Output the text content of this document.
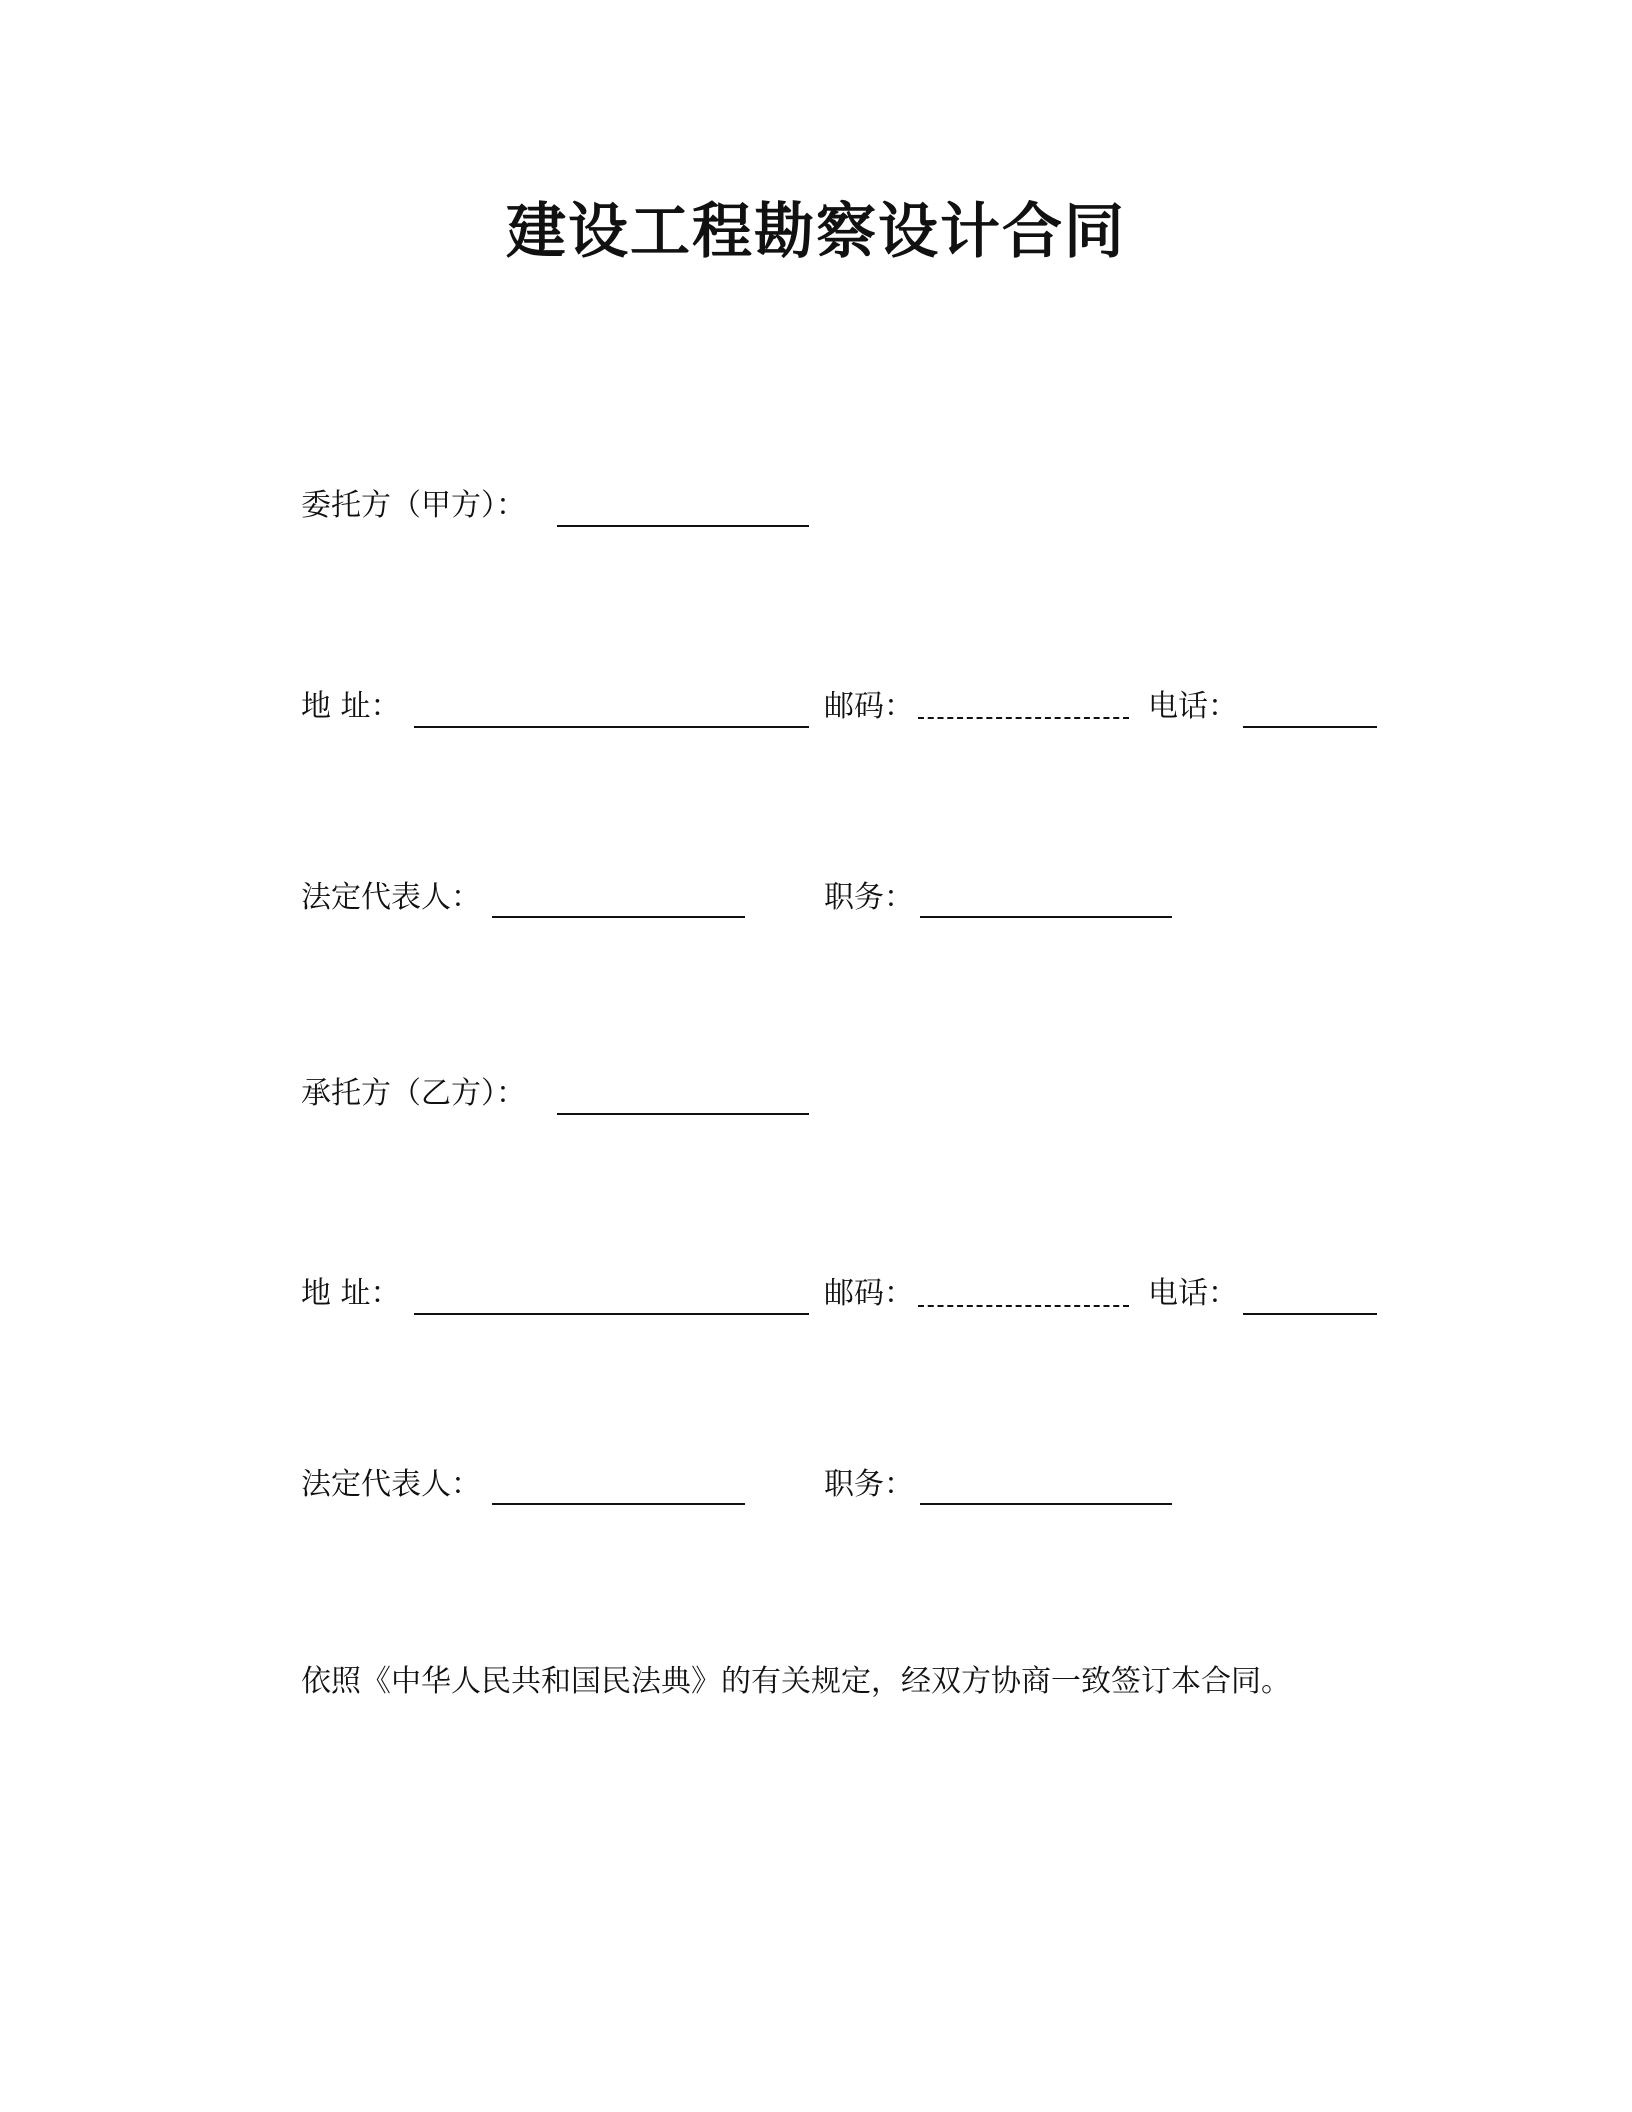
建设工程勘察设计合同
委托方（甲方）：
地 址：	邮码：	电话：
法定代表人：	职务：
承托方（乙方）：
地 址：	邮码：	电话：
法定代表人：	职务：
依照《中华人民共和国民法典》的有关规定，经双方协商一致签订本合同。
